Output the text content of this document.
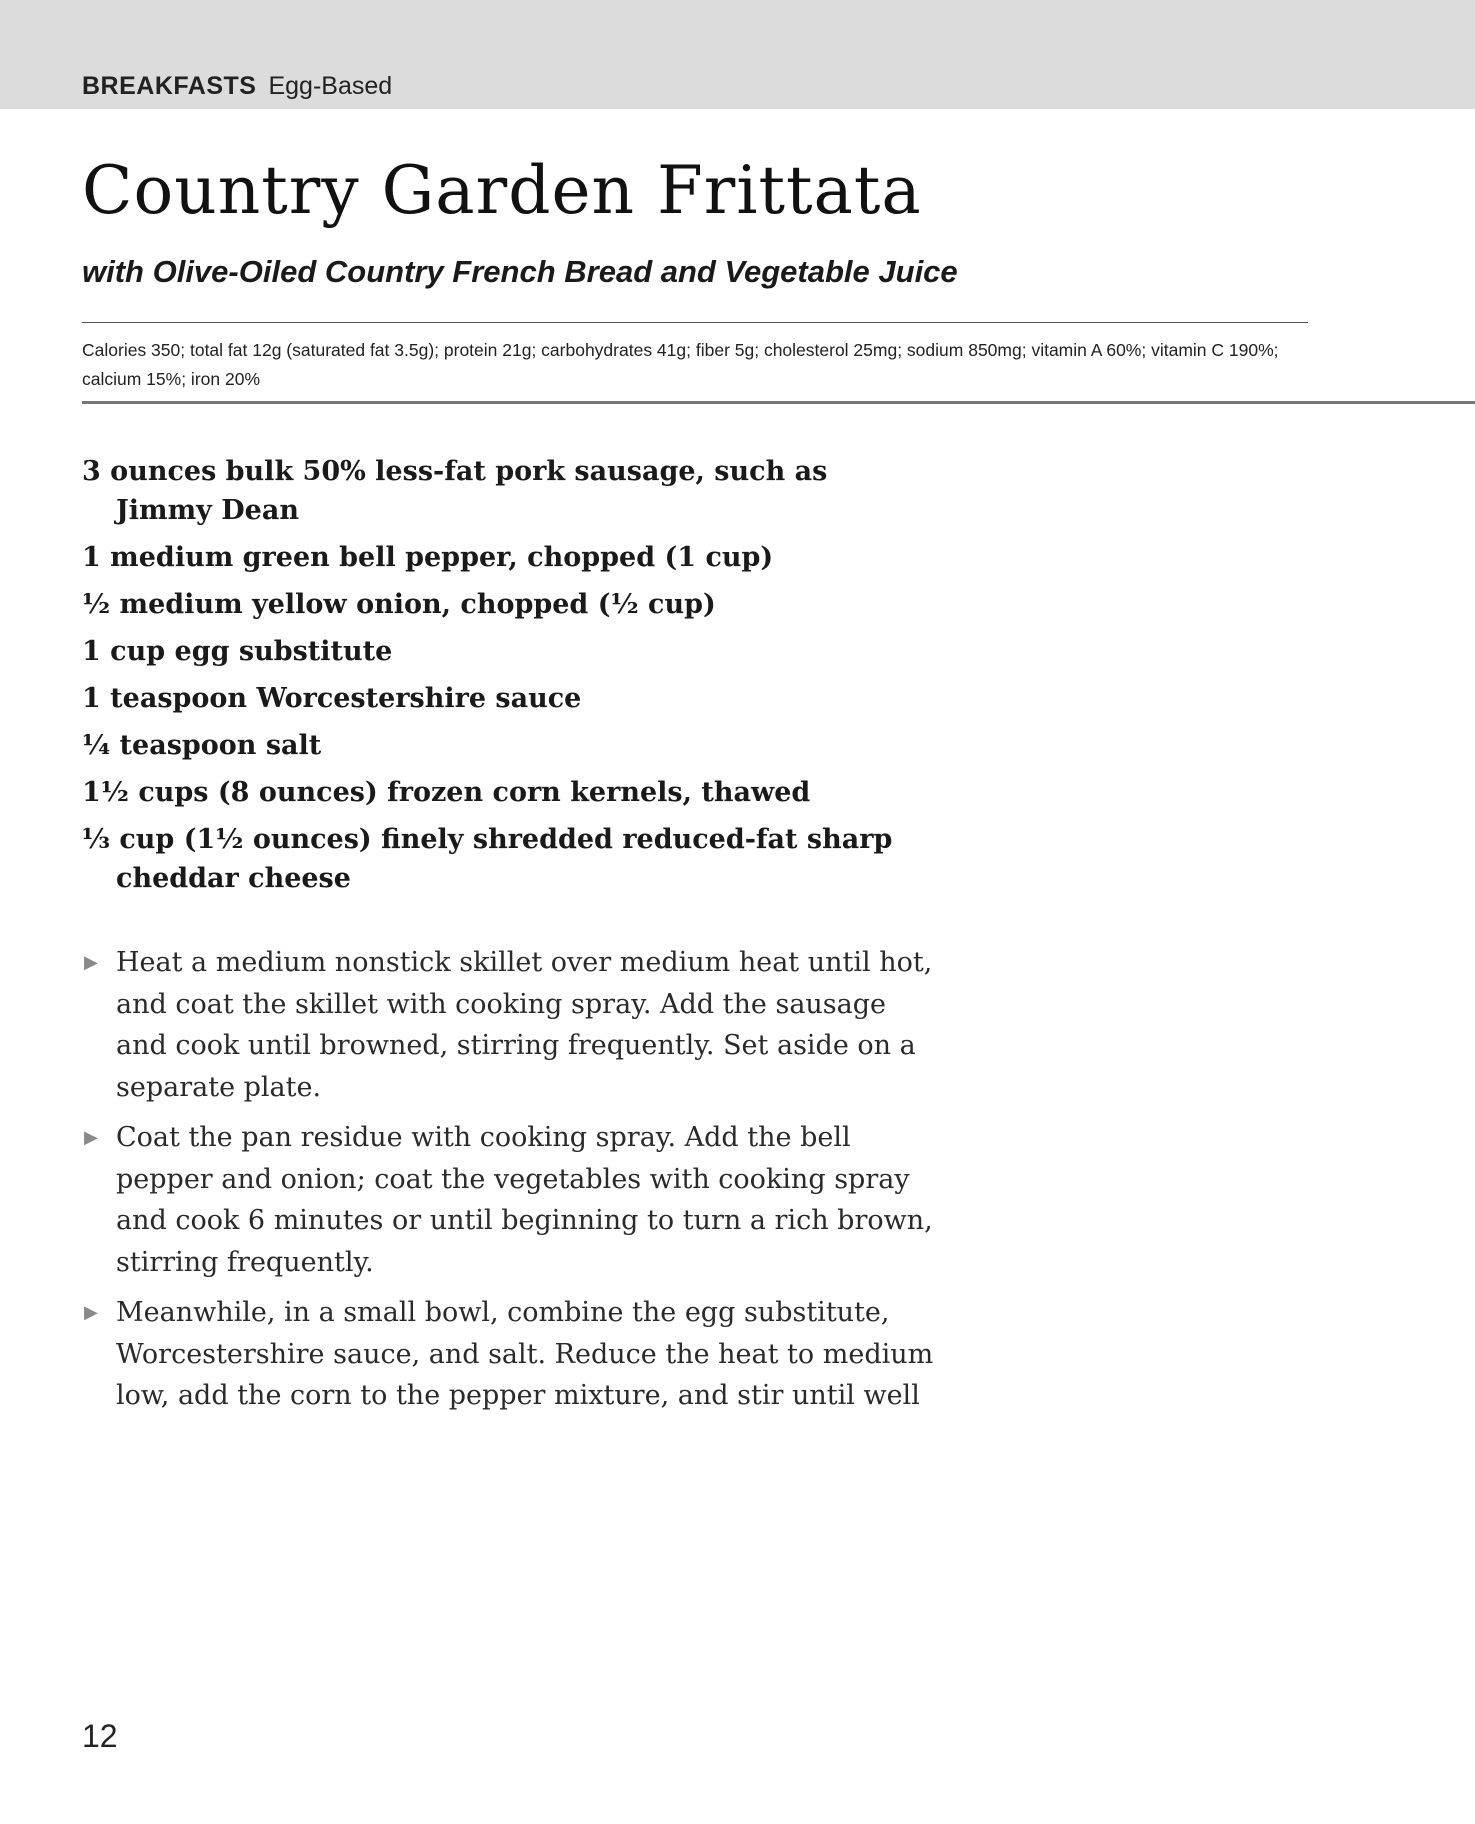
BREAKFASTS Egg-Based
Country Garden Frittata
with Olive-Oiled Country French Bread and Vegetable Juice
Calories 350; total fat 12g (saturated fat 3.5g); protein 21g; carbohydrates 41g; fiber 5g; cholesterol 25mg; sodium 850mg; vitamin A 60%; vitamin C 190%; calcium 15%; iron 20%
3 ounces bulk 50% less-fat pork sausage, such as Jimmy Dean
1 medium green bell pepper, chopped (1 cup)
½ medium yellow onion, chopped (½ cup)
1 cup egg substitute
1 teaspoon Worcestershire sauce
¼ teaspoon salt
1½ cups (8 ounces) frozen corn kernels, thawed
⅓ cup (1½ ounces) finely shredded reduced-fat sharp cheddar cheese
▶ Heat a medium nonstick skillet over medium heat until hot, and coat the skillet with cooking spray. Add the sausage and cook until browned, stirring frequently. Set aside on a separate plate.
▶ Coat the pan residue with cooking spray. Add the bell pepper and onion; coat the vegetables with cooking spray and cook 6 minutes or until beginning to turn a rich brown, stirring frequently.
▶ Meanwhile, in a small bowl, combine the egg substitute, Worcestershire sauce, and salt. Reduce the heat to medium low, add the corn to the pepper mixture, and stir until well
12
